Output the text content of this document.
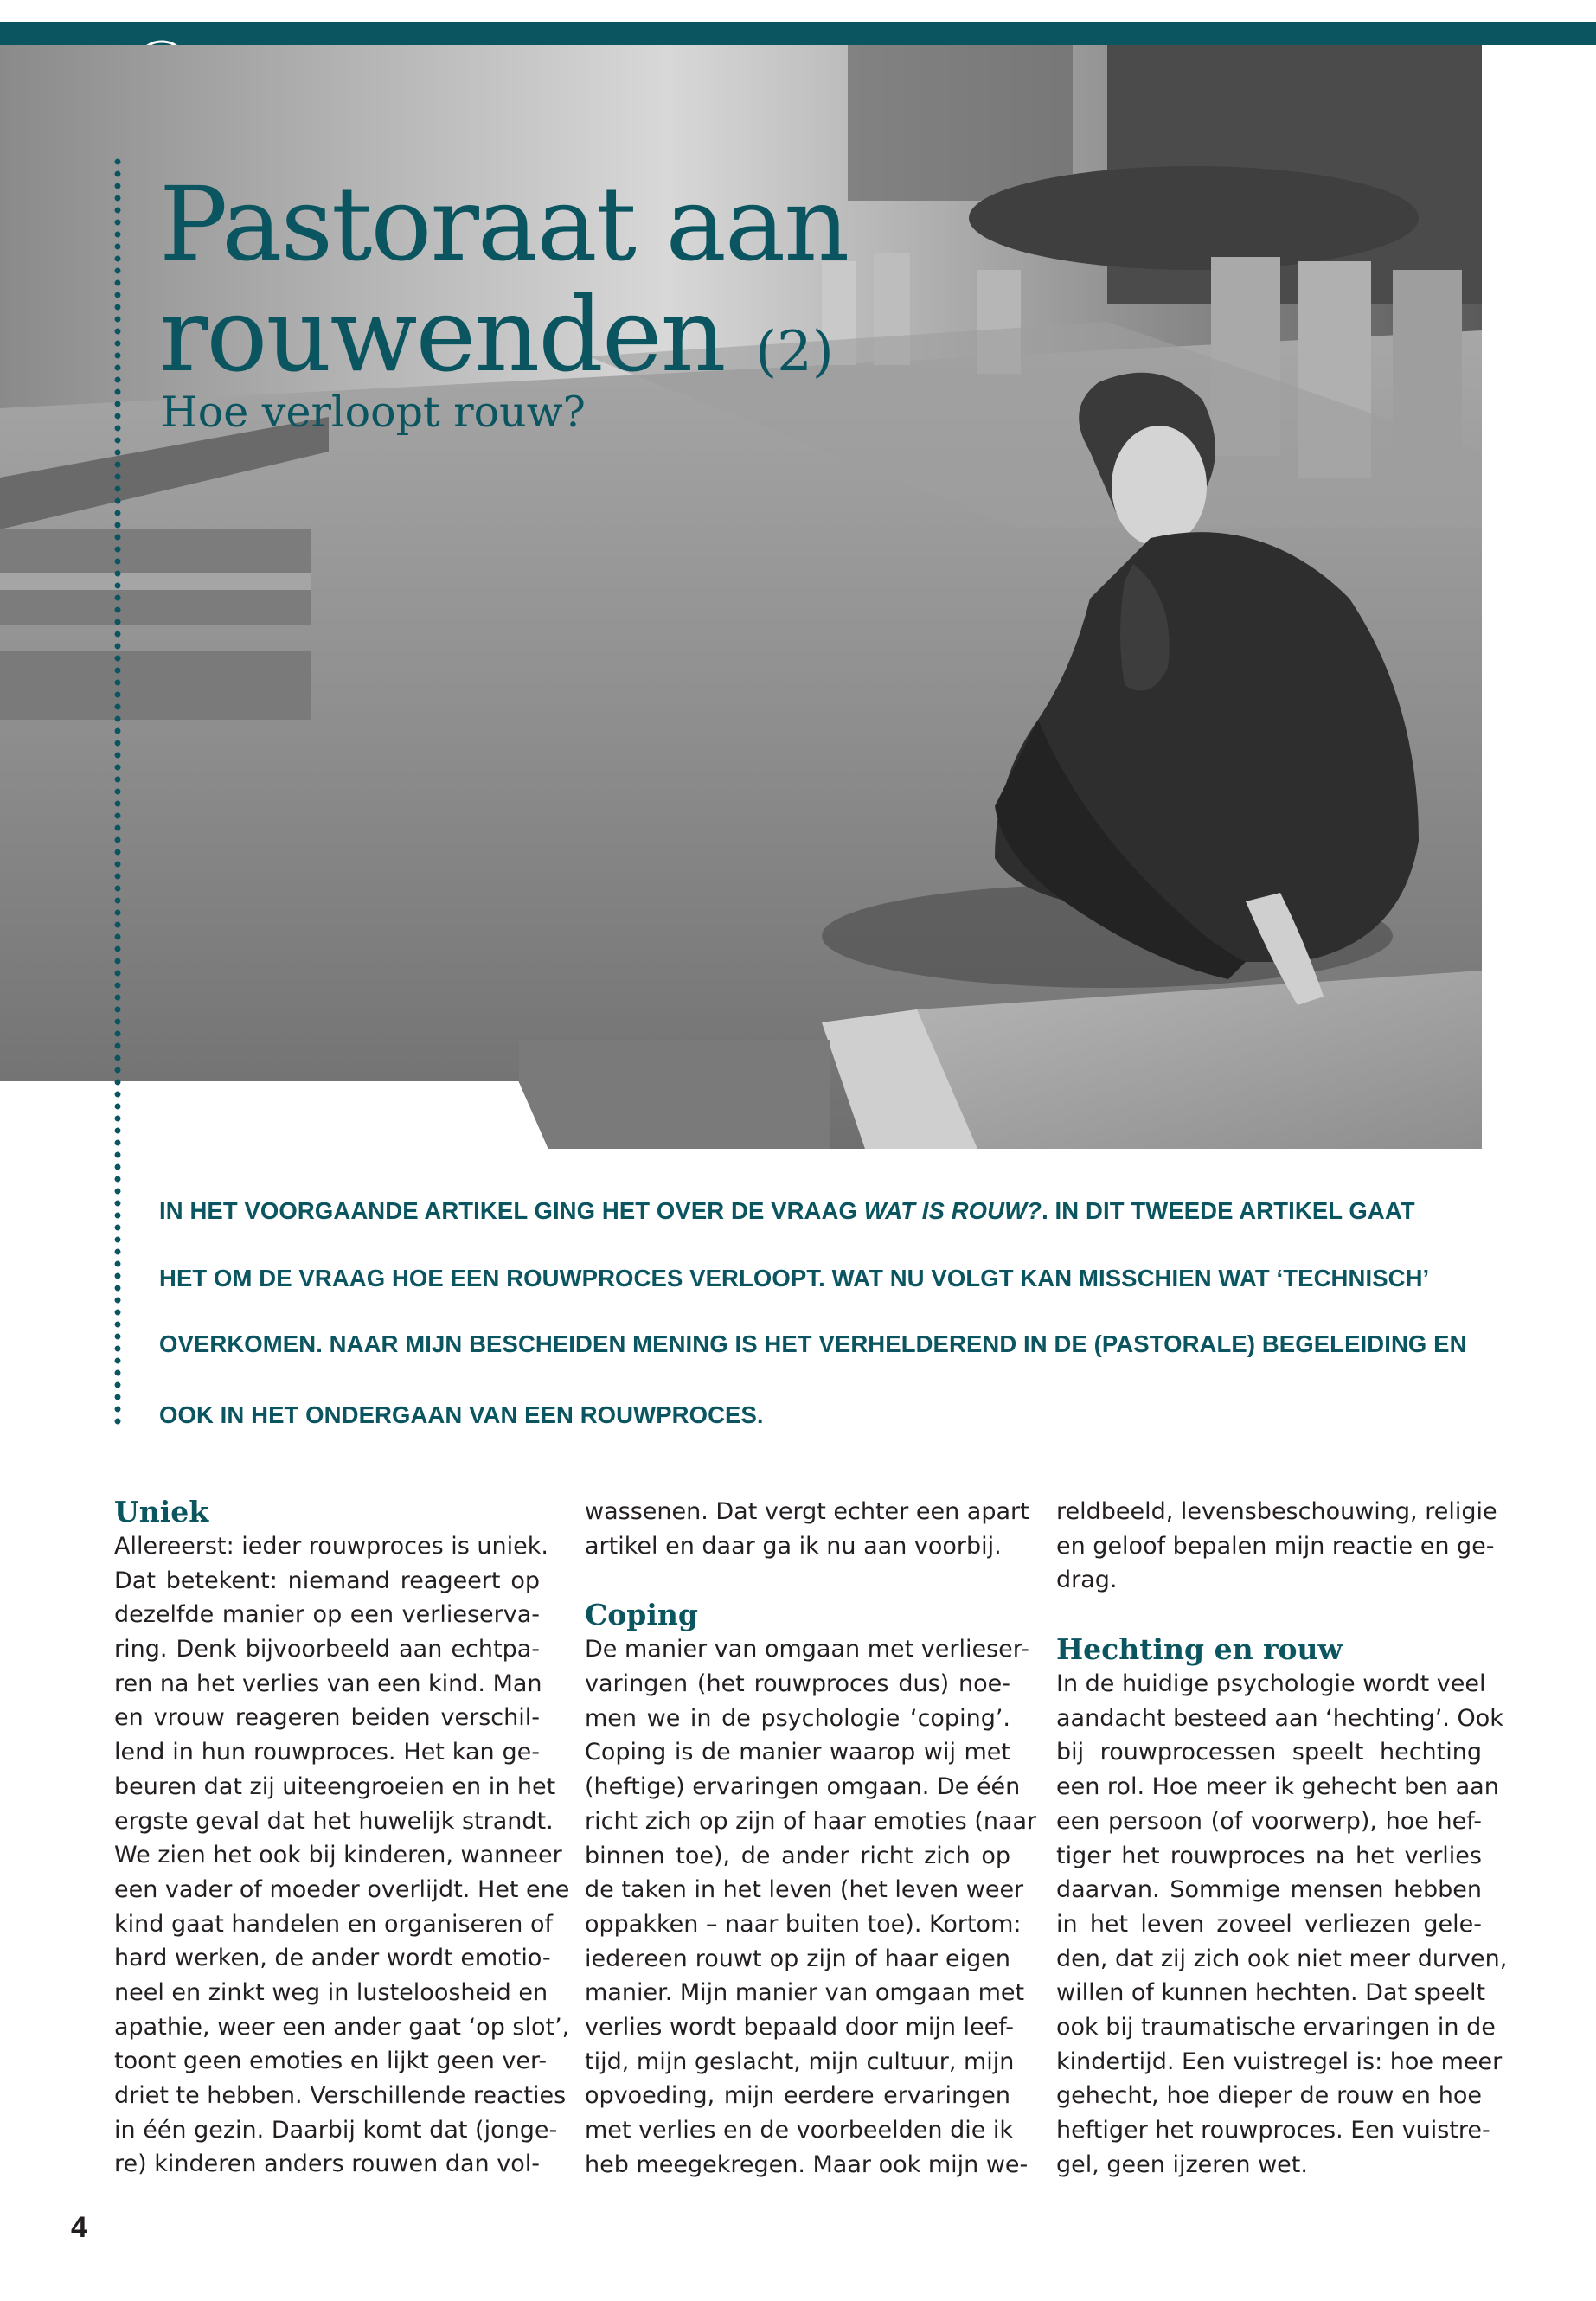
|
Pastoraat aan
rouwenden (2)
Hoe verloopt rouw?
IN HET VOORGAANDE ARTIKEL GING HET OVER DE VRAAG WAT IS ROUW?. IN DIT TWEEDE ARTIKEL GAAT
HET OM DE VRAAG HOE EEN ROUWPROCES VERLOOPT. WAT NU VOLGT KAN MISSCHIEN WAT ‘TECHNISCH’
OVERKOMEN. NAAR MIJN BESCHEIDEN MENING IS HET VERHELDEREND IN DE (PASTORALE) BEGELEIDING EN
OOK IN HET ONDERGAAN VAN EEN ROUWPROCES.
Uniek
Allereerst: ieder rouwproces is uniek.
Dat betekent: niemand reageert op
dezelfde manier op een verlieserva-
ring. Denk bijvoorbeeld aan echtpa-
ren na het verlies van een kind. Man
en vrouw reageren beiden verschil-
lend in hun rouwproces. Het kan ge-
beuren dat zij uiteengroeien en in het
ergste geval dat het huwelijk strandt.
We zien het ook bij kinderen, wanneer
een vader of moeder overlijdt. Het ene
kind gaat handelen en organiseren of
hard werken, de ander wordt emotio-
neel en zinkt weg in lusteloosheid en
apathie, weer een ander gaat ‘op slot’,
toont geen emoties en lijkt geen ver-
driet te hebben. Verschillende reacties
in één gezin. Daarbij komt dat (jonge-
re) kinderen anders rouwen dan vol-
wassenen. Dat vergt echter een apart
artikel en daar ga ik nu aan voorbij.
Coping
De manier van omgaan met verlieser-
varingen (het rouwproces dus) noe-
men we in de psychologie ‘coping’.
Coping is de manier waarop wij met
(heftige) ervaringen omgaan. De één
richt zich op zijn of haar emoties (naar
binnen toe), de ander richt zich op
de taken in het leven (het leven weer
oppakken – naar buiten toe). Kortom:
iedereen rouwt op zijn of haar eigen
manier. Mijn manier van omgaan met
verlies wordt bepaald door mijn leef-
tijd, mijn geslacht, mijn cultuur, mijn
opvoeding, mijn eerdere ervaringen
met verlies en de voorbeelden die ik
heb meegekregen. Maar ook mijn we-
reldbeeld, levensbeschouwing, religie
en geloof bepalen mijn reactie en ge-
drag.
Hechting en rouw
In de huidige psychologie wordt veel
aandacht besteed aan ‘hechting’. Ook
bij rouwprocessen speelt hechting
een rol. Hoe meer ik gehecht ben aan
een persoon (of voorwerp), hoe hef-
tiger het rouwproces na het verlies
daarvan. Sommige mensen hebben
in het leven zoveel verliezen gele-
den, dat zij zich ook niet meer durven,
willen of kunnen hechten. Dat speelt
ook bij traumatische ervaringen in de
kindertijd. Een vuistregel is: hoe meer
gehecht, hoe dieper de rouw en hoe
heftiger het rouwproces. Een vuistre-
gel, geen ijzeren wet.
4
